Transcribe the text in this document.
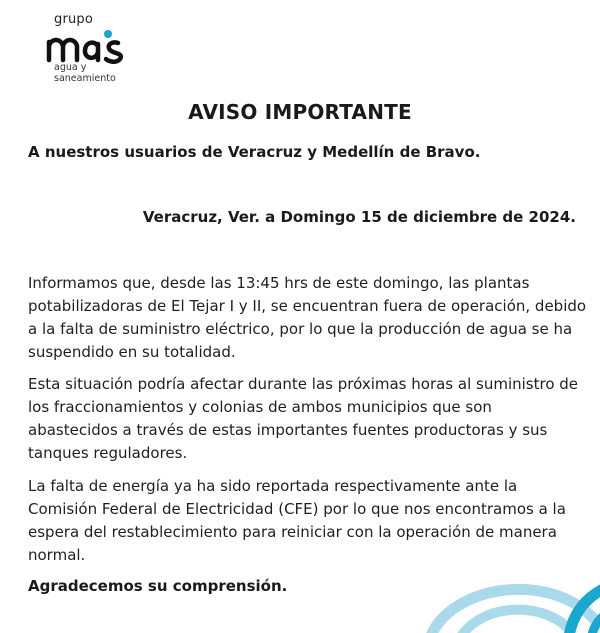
grupo
agua y
saneamiento
AVISO IMPORTANTE
A nuestros usuarios de Veracruz y Medellín de Bravo.
Veracruz, Ver. a Domingo 15 de diciembre de 2024.
Informamos que, desde las 13:45 hrs de este domingo, las plantas
potabilizadoras de El Tejar I y II, se encuentran fuera de operación, debido
a la falta de suministro eléctrico, por lo que la producción de agua se ha
suspendido en su totalidad.
Esta situación podría afectar durante las próximas horas al suministro de
los fraccionamientos y colonias de ambos municipios que son
abastecidos a través de estas importantes fuentes productoras y sus
tanques reguladores.
La falta de energía ya ha sido reportada respectivamente ante la
Comisión Federal de Electricidad (CFE) por lo que nos encontramos a la
espera del restablecimiento para reiniciar con la operación de manera
normal.
Agradecemos su comprensión.
